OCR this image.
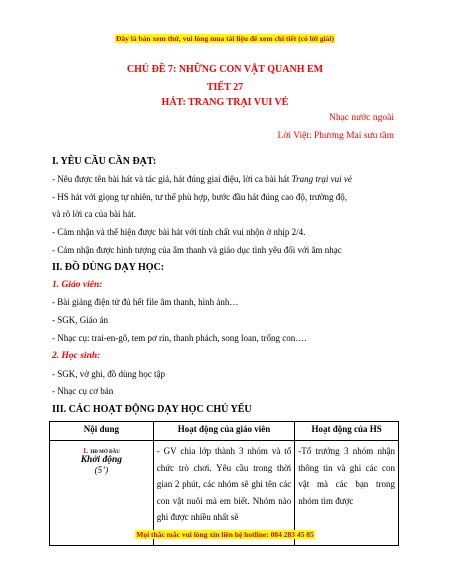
Đây là bản xem thử, vui lòng mua tài liệu để xem chi tiết (có lời giải)
CHỦ ĐỀ 7: NHỮNG CON VẬT QUANH EM
TIẾT 27
HÁT: TRANG TRẠI VUI VẺ
Nhạc nước ngoài
Lời Việt: Phương Mai sưu tầm
I. YÊU CẦU CẦN ĐẠT:
- Nêu được tên bài hát và tác giả, hát đúng giai điệu, lời ca bài hát Trang trại vui vẻ
- HS hát với giọng tự nhiên, tư thế phù hợp, bước đầu hát đúng cao độ, trường độ,
và rõ lời ca của bài hát.
- Cảm nhận và thể hiện được bài hát với tính chất vui nhộn ở nhịp 2/4.
- Cảm nhận được hình tượng của âm thanh và giáo dục tình yêu đối với âm nhạc
II. ĐỒ DÙNG DẠY HỌC:
1. Giáo viên:
- Bài giảng điện tử đủ hết file âm thanh, hình ảnh…
- SGK, Giáo án
- Nhạc cụ: trai-en-gô, tem pơ rin, thanh phách, song loan, trống con….
2. Học sinh:
- SGK, vở ghi, đồ dùng học tập
- Nhạc cụ cơ bản
III. CÁC HOẠT ĐỘNG DẠY HỌC CHỦ YẾU
Nội dung	Hoạt động của giáo viên	Hoạt động của HS

1. HĐ MỞ ĐẦU
Khởi động
(5’)	- GV chia lớp thành 3 nhóm và tổ chức trò chơi. Yêu cầu trong thời gian 2 phút, các nhóm sẽ ghi tên các con vật nuôi mà em biết. Nhóm nào ghi được nhiều nhất sẽ	-Tổ trưởng 3 nhóm nhận thông tin và ghi các con vật mà các bạn trong nhóm tìm được
Mọi thắc mắc vui lòng xin liên hệ hotline: 084 283 45 85
